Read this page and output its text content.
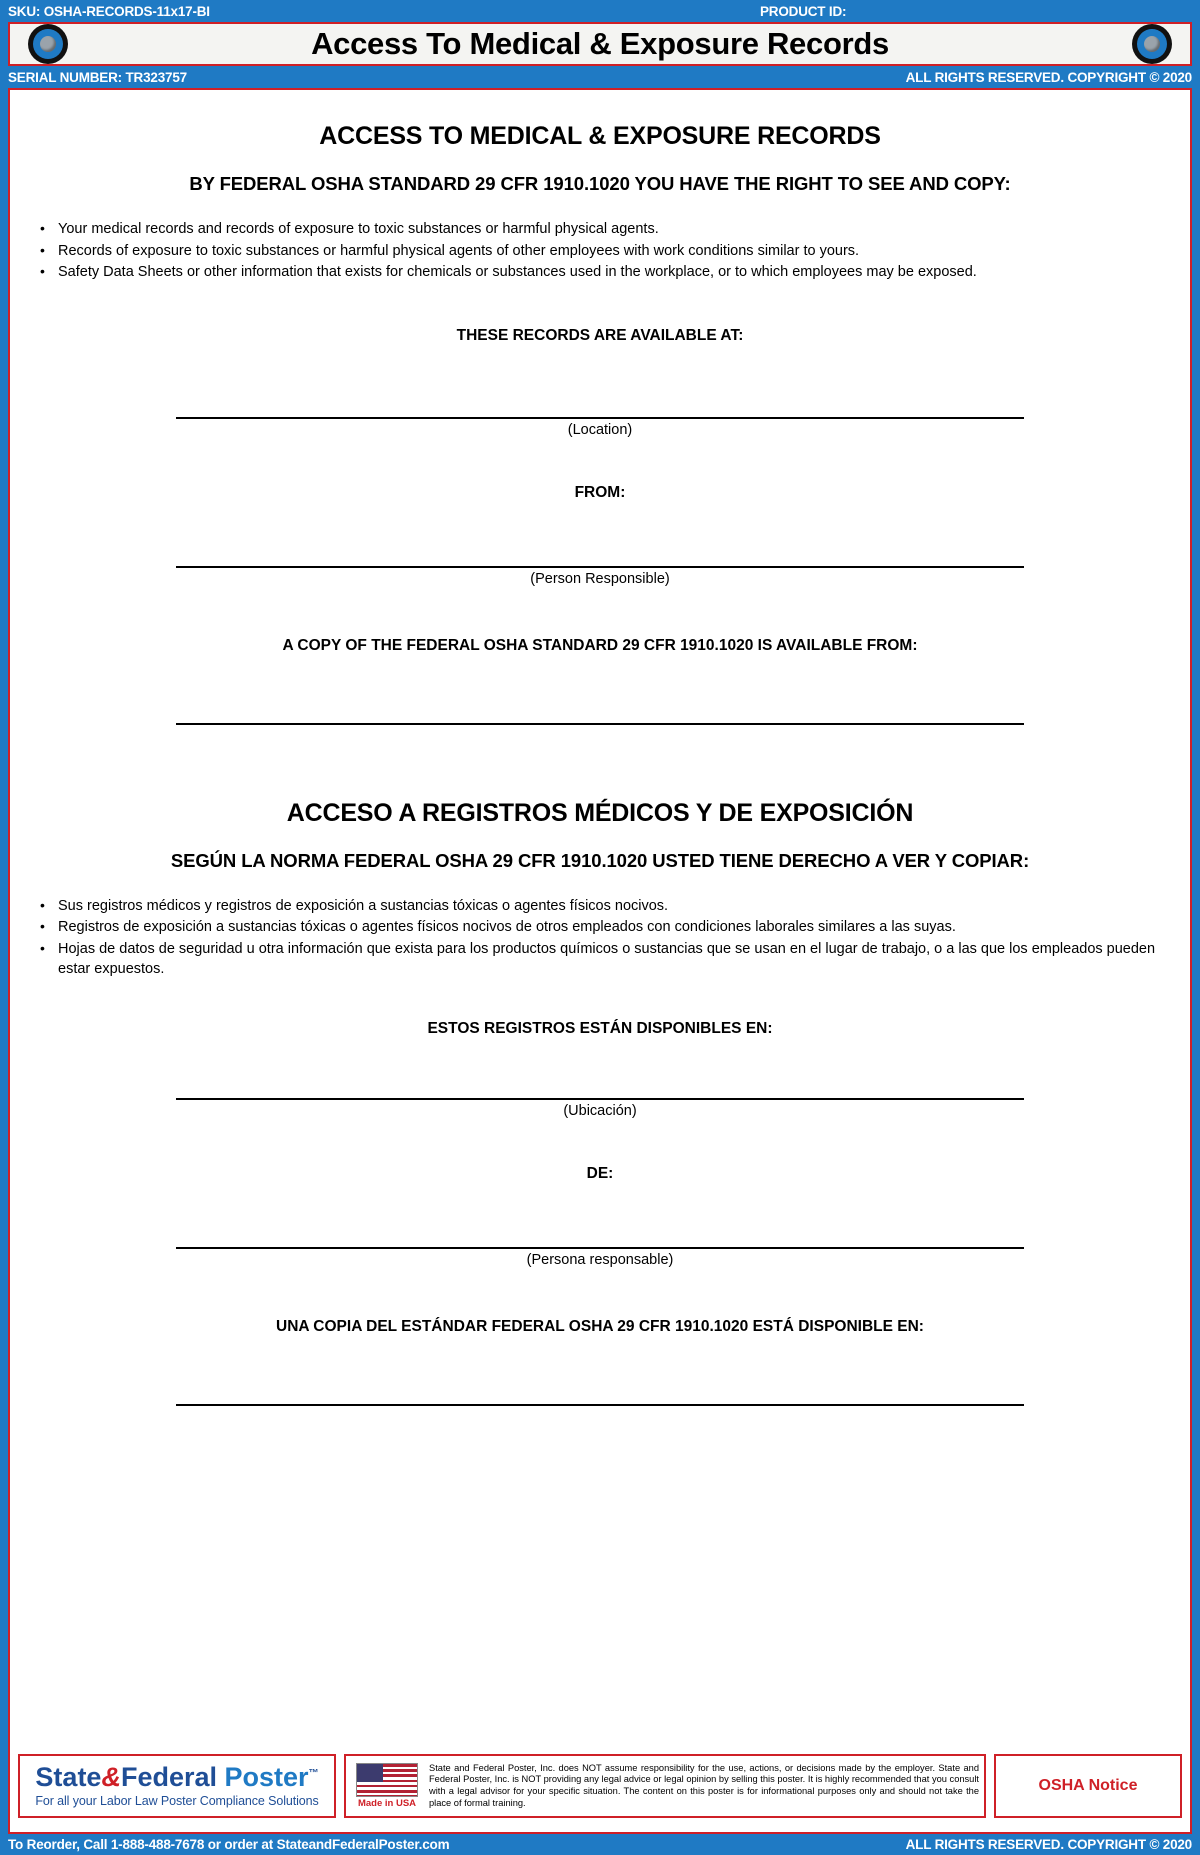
SKU: OSHA-RECORDS-11x17-BI	PRODUCT ID:
Access To Medical & Exposure Records
SERIAL NUMBER: TR323757	ALL RIGHTS RESERVED. COPYRIGHT © 2020
ACCESS TO MEDICAL & EXPOSURE RECORDS
BY FEDERAL OSHA STANDARD 29 CFR 1910.1020 YOU HAVE THE RIGHT TO SEE AND COPY:
• Your medical records and records of exposure to toxic substances or harmful physical agents.
• Records of exposure to toxic substances or harmful physical agents of other employees with work conditions similar to yours.
• Safety Data Sheets or other information that exists for chemicals or substances used in the workplace, or to which employees may be exposed.
THESE RECORDS ARE AVAILABLE AT:
(Location)
FROM:
(Person Responsible)
A COPY OF THE FEDERAL OSHA STANDARD 29 CFR 1910.1020 IS AVAILABLE FROM:
ACCESO A REGISTROS MÉDICOS Y DE EXPOSICIÓN
SEGÚN LA NORMA FEDERAL OSHA 29 CFR 1910.1020 USTED TIENE DERECHO A VER Y COPIAR:
• Sus registros médicos y registros de exposición a sustancias tóxicas o agentes físicos nocivos.
• Registros de exposición a sustancias tóxicas o agentes físicos nocivos de otros empleados con condiciones laborales similares a las suyas.
• Hojas de datos de seguridad u otra información que exista para los productos químicos o sustancias que se usan en el lugar de trabajo, o a las que los empleados pueden estar expuestos.
ESTOS REGISTROS ESTÁN DISPONIBLES EN:
(Ubicación)
DE:
(Persona responsable)
UNA COPIA DEL ESTÁNDAR FEDERAL OSHA 29 CFR 1910.1020 ESTÁ DISPONIBLE EN:
State&Federal Poster™
For all your Labor Law Poster Compliance Solutions	Made in USA
State and Federal Poster, Inc. does NOT assume responsibility for the use, actions, or decisions made by the employer. State and Federal Poster, Inc. is NOT providing any legal advice or legal opinion by selling this poster. It is highly recommended that you consult with a legal advisor for your specific situation. The content on this poster is for informational purposes only and should not take the place of formal training.
OSHA Notice
To Reorder, Call 1-888-488-7678 or order at StateandFederalPoster.com	ALL RIGHTS RESERVED. COPYRIGHT © 2020
